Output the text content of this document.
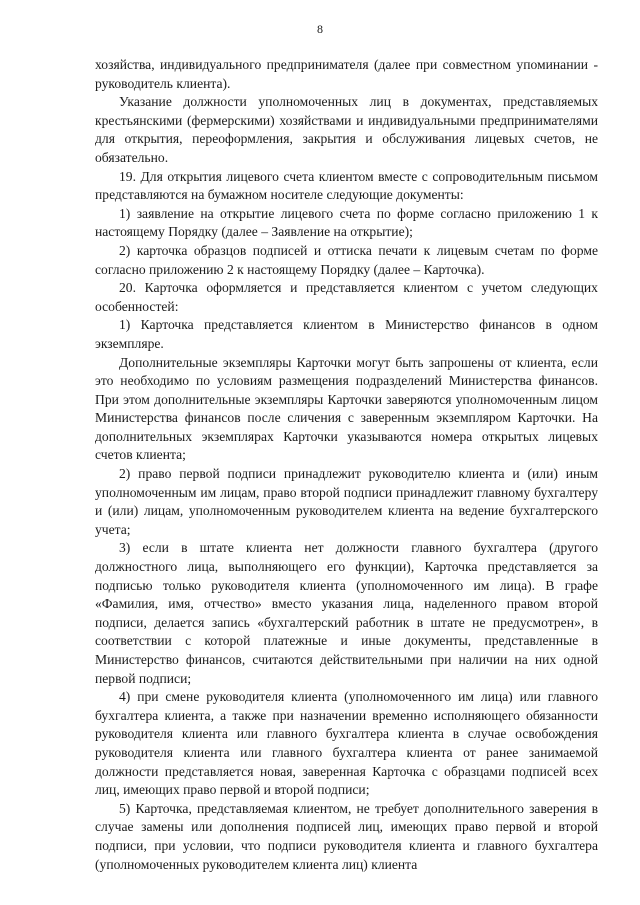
8

хозяйства, индивидуального предпринимателя (далее при совместном упоминании - руководитель клиента).

Указание должности уполномоченных лиц в документах, представляемых крестьянскими (фермерскими) хозяйствами и индивидуальными предпринимателями для открытия, переоформления, закрытия и обслуживания лицевых счетов, не обязательно.

19. Для открытия лицевого счета клиентом вместе с сопроводительным письмом представляются на бумажном носителе следующие документы:

1) заявление на открытие лицевого счета по форме согласно приложению 1 к настоящему Порядку (далее – Заявление на открытие);

2) карточка образцов подписей и оттиска печати к лицевым счетам по форме согласно приложению 2 к настоящему Порядку (далее – Карточка).

20. Карточка оформляется и представляется клиентом с учетом следующих особенностей:

1) Карточка представляется клиентом в Министерство финансов в одном экземпляре.

Дополнительные экземпляры Карточки могут быть запрошены от клиента, если это необходимо по условиям размещения подразделений Министерства финансов. При этом дополнительные экземпляры Карточки заверяются уполномоченным лицом Министерства финансов после сличения с заверенным экземпляром Карточки. На дополнительных экземплярах Карточки указываются номера открытых лицевых счетов клиента;

2) право первой подписи принадлежит руководителю клиента и (или) иным уполномоченным им лицам, право второй подписи принадлежит главному бухгалтеру и (или) лицам, уполномоченным руководителем клиента на ведение бухгалтерского учета;

3) если в штате клиента нет должности главного бухгалтера (другого должностного лица, выполняющего его функции), Карточка представляется за подписью только руководителя клиента (уполномоченного им лица). В графе «Фамилия, имя, отчество» вместо указания лица, наделенного правом второй подписи, делается запись «бухгалтерский работник в штате не предусмотрен», в соответствии с которой платежные и иные документы, представленные в Министерство финансов, считаются действительными при наличии на них одной первой подписи;

4) при смене руководителя клиента (уполномоченного им лица) или главного бухгалтера клиента, а также при назначении временно исполняющего обязанности руководителя клиента или главного бухгалтера клиента в случае освобождения руководителя клиента или главного бухгалтера клиента от ранее занимаемой должности представляется новая, заверенная Карточка с образцами подписей всех лиц, имеющих право первой и второй подписи;

5) Карточка, представляемая клиентом, не требует дополнительного заверения в случае замены или дополнения подписей лиц, имеющих право первой и второй подписи, при условии, что подписи руководителя клиента и главного бухгалтера (уполномоченных руководителем клиента лиц) клиента
